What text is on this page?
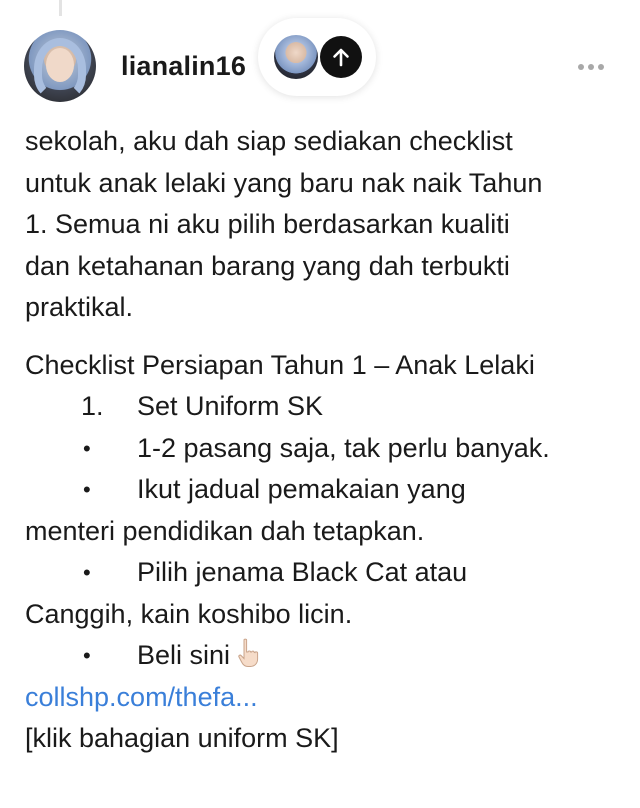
lianalin16

sekolah, aku dah siap sediakan checklist

untuk anak lelaki yang baru nak naik Tahun

1. Semua ni aku pilih berdasarkan kualiti

dan ketahanan barang yang dah terbukti

praktikal.

Checklist Persiapan Tahun 1 – Anak Lelaki

1. Set Uniform SK
• 1-2 pasang saja, tak perlu banyak.
• Ikut jadual pemakaian yang

menteri pendidikan dah tetapkan.

• Pilih jenama Black Cat atau

Canggih, kain koshibo licin.

• Beli sini

collshp.com/thefa...

[klik bahagian uniform SK]
